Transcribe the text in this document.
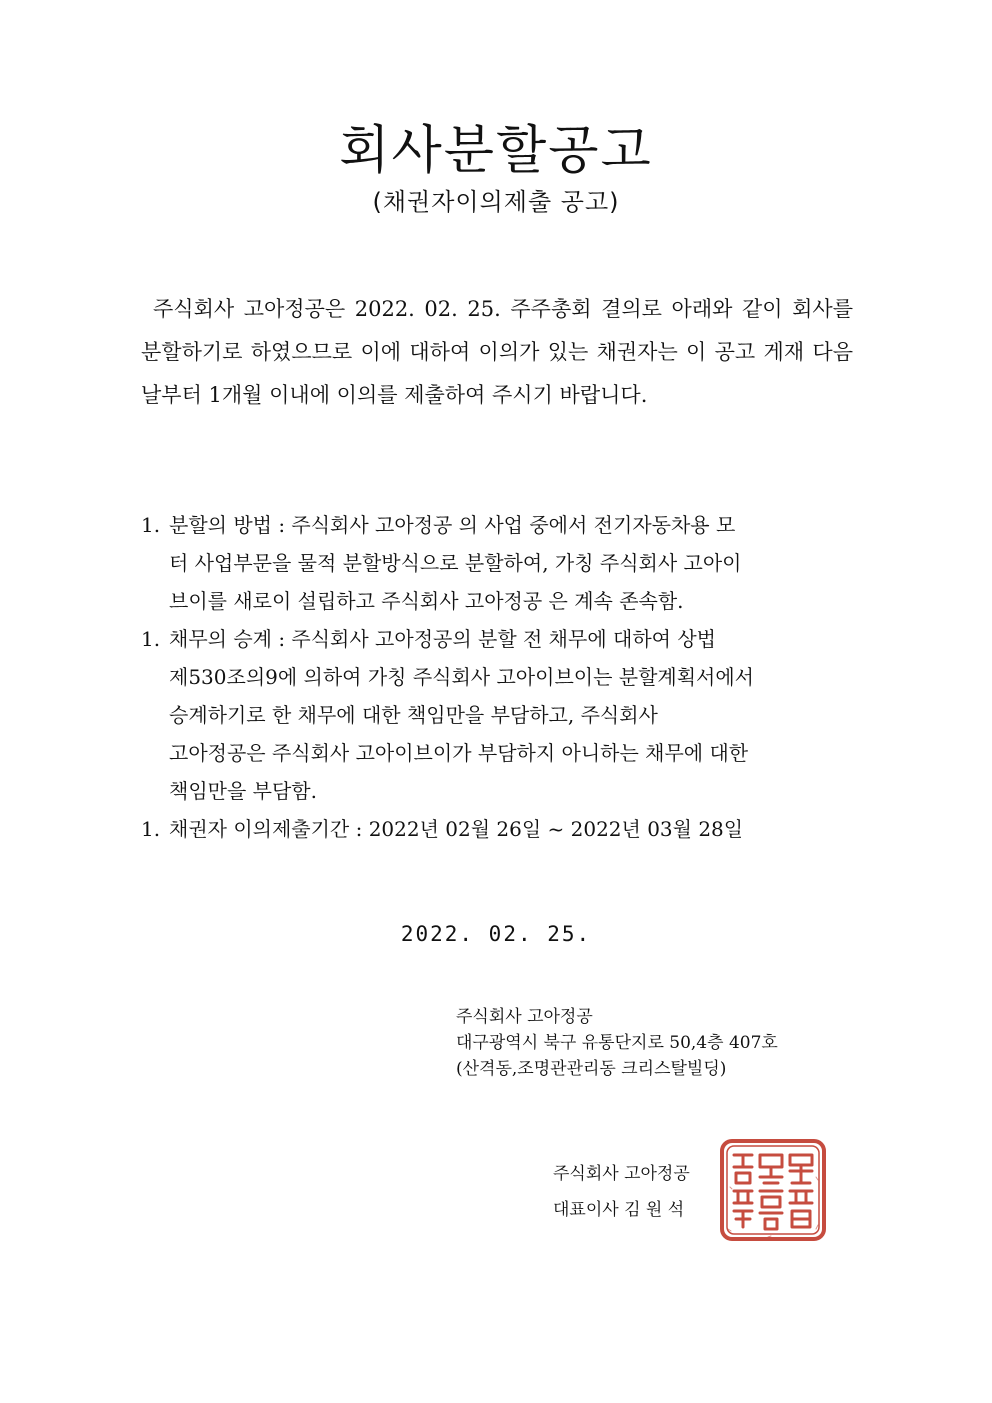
회사분할공고
(채권자이의제출 공고)
주식회사 고아정공은 2022. 02. 25. 주주총회 결의로 아래와 같이 회사를 분할하기로 하였으므로 이에 대하여 이의가 있는 채권자는 이 공고 게재 다음날부터 1개월 이내에 이의를 제출하여 주시기 바랍니다.
1. 분할의 방법 : 주식회사 고아정공 의 사업 중에서 전기자동차용 모
터 사업부문을 물적 분할방식으로 분할하여, 가칭 주식회사 고아이
브이를 새로이 설립하고 주식회사 고아정공 은 계속 존속함.
1. 채무의 승계 : 주식회사 고아정공의 분할 전 채무에 대하여 상법
제530조의9에 의하여 가칭 주식회사 고아이브이는 분할계획서에서
승계하기로 한 채무에 대한 책임만을 부담하고, 주식회사
고아정공은 주식회사 고아이브이가 부담하지 아니하는 채무에 대한
책임만을 부담함.
1. 채권자 이의제출기간 : 2022년 02월 26일 ~ 2022년 03월 28일
2022. 02. 25.
주식회사 고아정공
대구광역시 북구 유통단지로 50,4층 407호
(산격동,조명관관리동 크리스탈빌딩)
주식회사 고아정공
대표이사 김 원 석
